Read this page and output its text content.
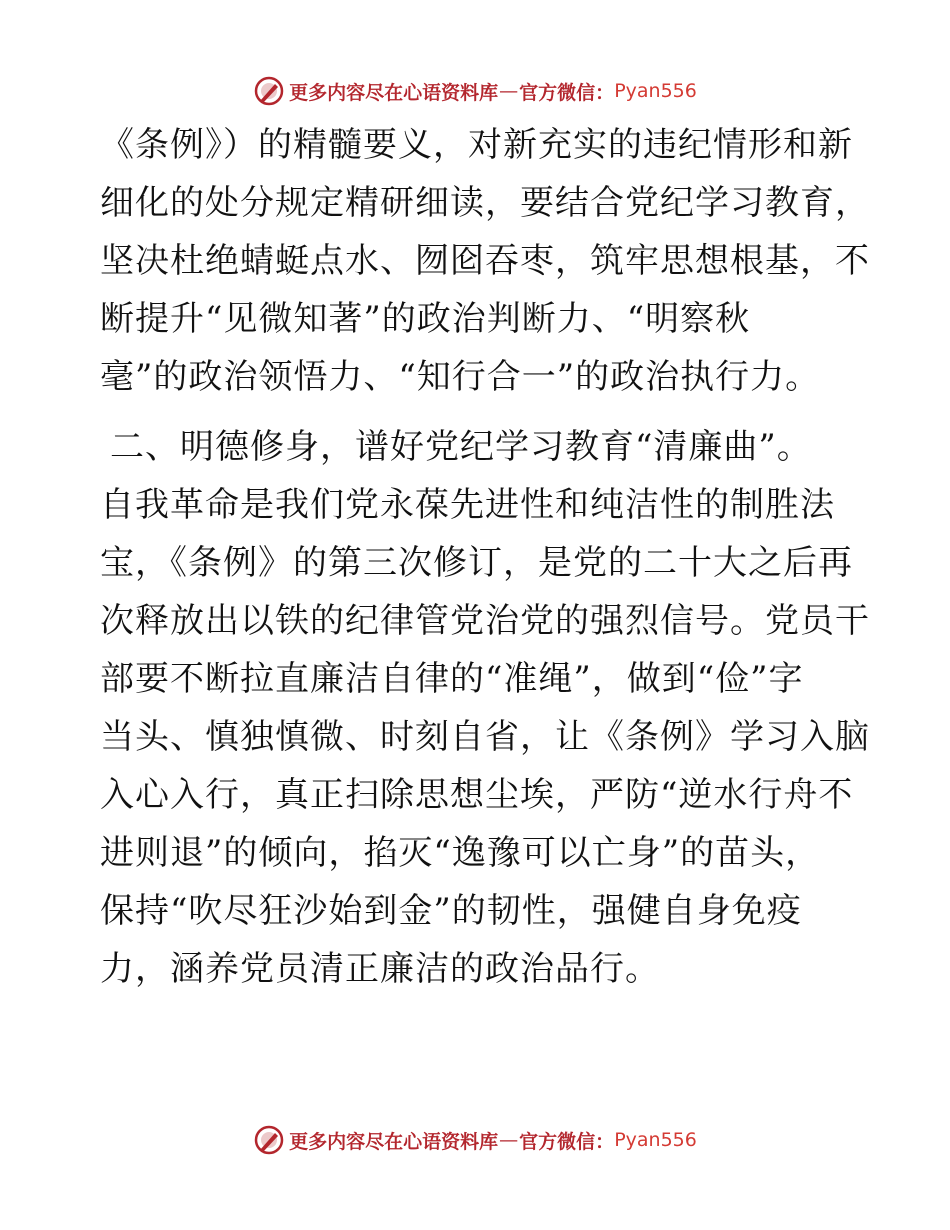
更多内容尽在心语资料库 — 官方微信： Pyan556
《条例》）的精髓要义，对新充实的违纪情形和新
细化的处分规定精研细读，要结合党纪学习教育，
坚决杜绝蜻蜓点水、囫囵吞枣，筑牢思想根基，不
断提升“见微知著”的政治判断力、“明察秋
毫”的政治领悟力、“知行合一”的政治执行力。
二、明德修身，谱好党纪学习教育“清廉曲”。
自我革命是我们党永葆先进性和纯洁性的制胜法
宝，《条例》的第三次修订，是党的二十大之后再
次释放出以铁的纪律管党治党的强烈信号。党员干
部要不断拉直廉洁自律的“准绳”，做到“俭”字
当头、慎独慎微、时刻自省，让《条例》学习入脑
入心入行，真正扫除思想尘埃，严防“逆水行舟不
进则退”的倾向，掐灭“逸豫可以亡身”的苗头，
保持“吹尽狂沙始到金”的韧性，强健自身免疫
力，涵养党员清正廉洁的政治品行。
更多内容尽在心语资料库 — 官方微信： Pyan556
